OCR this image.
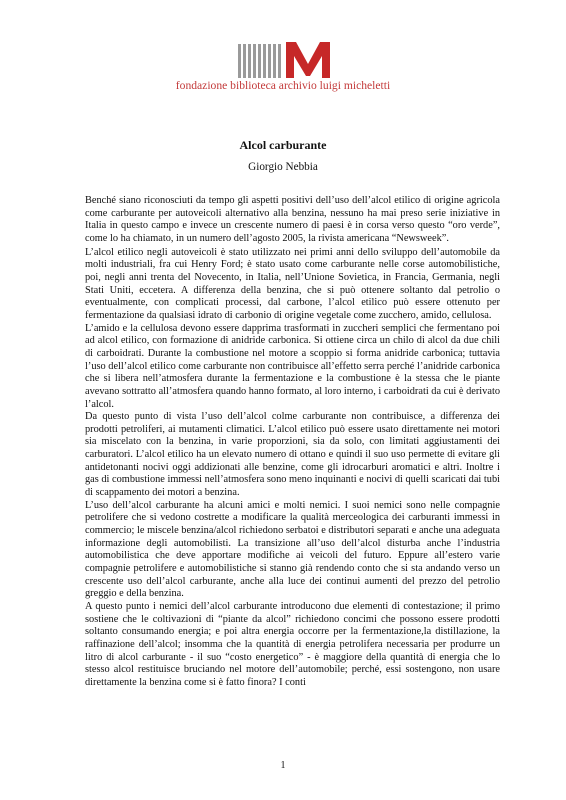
fondazione biblioteca archivio luigi micheletti
Alcol carburante
Giorgio Nebbia

Benché siano riconosciuti da tempo gli aspetti positivi dell’uso dell’alcol etilico di origine agricola come carburante per autoveicoli alternativo alla benzina, nessuno ha mai preso serie iniziative in Italia in questo campo e invece un crescente numero di paesi è in corsa verso questo “oro verde”, come lo ha chiamato, in un numero dell’agosto 2005, la rivista americana “Newsweek”.

L’alcol etilico negli autoveicoli è stato utilizzato nei primi anni dello sviluppo dell’automobile da molti industriali, fra cui Henry Ford; è stato usato come carburante nelle corse automobilistiche, poi, negli anni trenta del Novecento, in Italia, nell’Unione Sovietica, in Francia, Germania, negli Stati Uniti, eccetera. A differenza della benzina, che si può ottenere soltanto dal petrolio o eventualmente, con complicati processi, dal carbone, l’alcol etilico può essere ottenuto per fermentazione da qualsiasi idrato di carbonio di origine vegetale come zucchero, amido, cellulosa.

L’amido e la cellulosa devono essere dapprima trasformati in zuccheri semplici che fermentano poi ad alcol etilico, con formazione di anidride carbonica. Si ottiene circa un chilo di alcol da due chili di carboidrati. Durante la combustione nel motore a scoppio si forma anidride carbonica; tuttavia l’uso dell’alcol etilico come carburante non contribuisce all’effetto serra perché l’anidride carbonica che si libera nell’atmosfera durante la fermentazione e la combustione è la stessa che le piante avevano sottratto all’atmosfera quando hanno formato, al loro interno, i carboidrati da cui è derivato l’alcol.

Da questo punto di vista l’uso dell’alcol colme carburante non contribuisce, a differenza dei prodotti petroliferi, ai mutamenti climatici. L’alcol etilico può essere usato direttamente nei motori sia miscelato con la benzina, in varie proporzioni, sia da solo, con limitati aggiustamenti dei carburatori. L’alcol etilico ha un elevato numero di ottano e quindi il suo uso permette di evitare gli antidetonanti nocivi oggi addizionati alle benzine, come gli idrocarburi aromatici e altri. Inoltre i gas di combustione immessi nell’atmosfera sono meno inquinanti e nocivi di quelli scaricati dai tubi di scappamento dei motori a benzina.

L’uso dell’alcol carburante ha alcuni amici e molti nemici. I suoi nemici sono nelle compagnie petrolifere che si vedono costrette a modificare la qualità merceologica dei carburanti immessi in commercio; le miscele benzina/alcol richiedono serbatoi e distributori separati e anche una adeguata informazione degli automobilisti. La transizione all’uso dell’alcol disturba anche l’industria automobilistica che deve apportare modifiche ai veicoli del futuro. Eppure all’estero varie compagnie petrolifere e automobilistiche si stanno già rendendo conto che si sta andando verso un crescente uso dell’alcol carburante, anche alla luce dei continui aumenti del prezzo del petrolio greggio e della benzina.

A questo punto i nemici dell’alcol carburante introducono due elementi di contestazione; il primo sostiene che le coltivazioni di “piante da alcol” richiedono concimi che possono essere prodotti soltanto consumando energia; e poi altra energia occorre per la fermentazione,la distillazione, la raffinazione dell’alcol; insomma che la quantità di energia petrolifera necessaria per produrre un litro di alcol carburante - il suo “costo energetico” - è maggiore della quantità di energia che lo stesso alcol restituisce bruciando nel motore dell’automobile; perché, essi sostengono, non usare direttamente la benzina come si è fatto finora? I conti

1
